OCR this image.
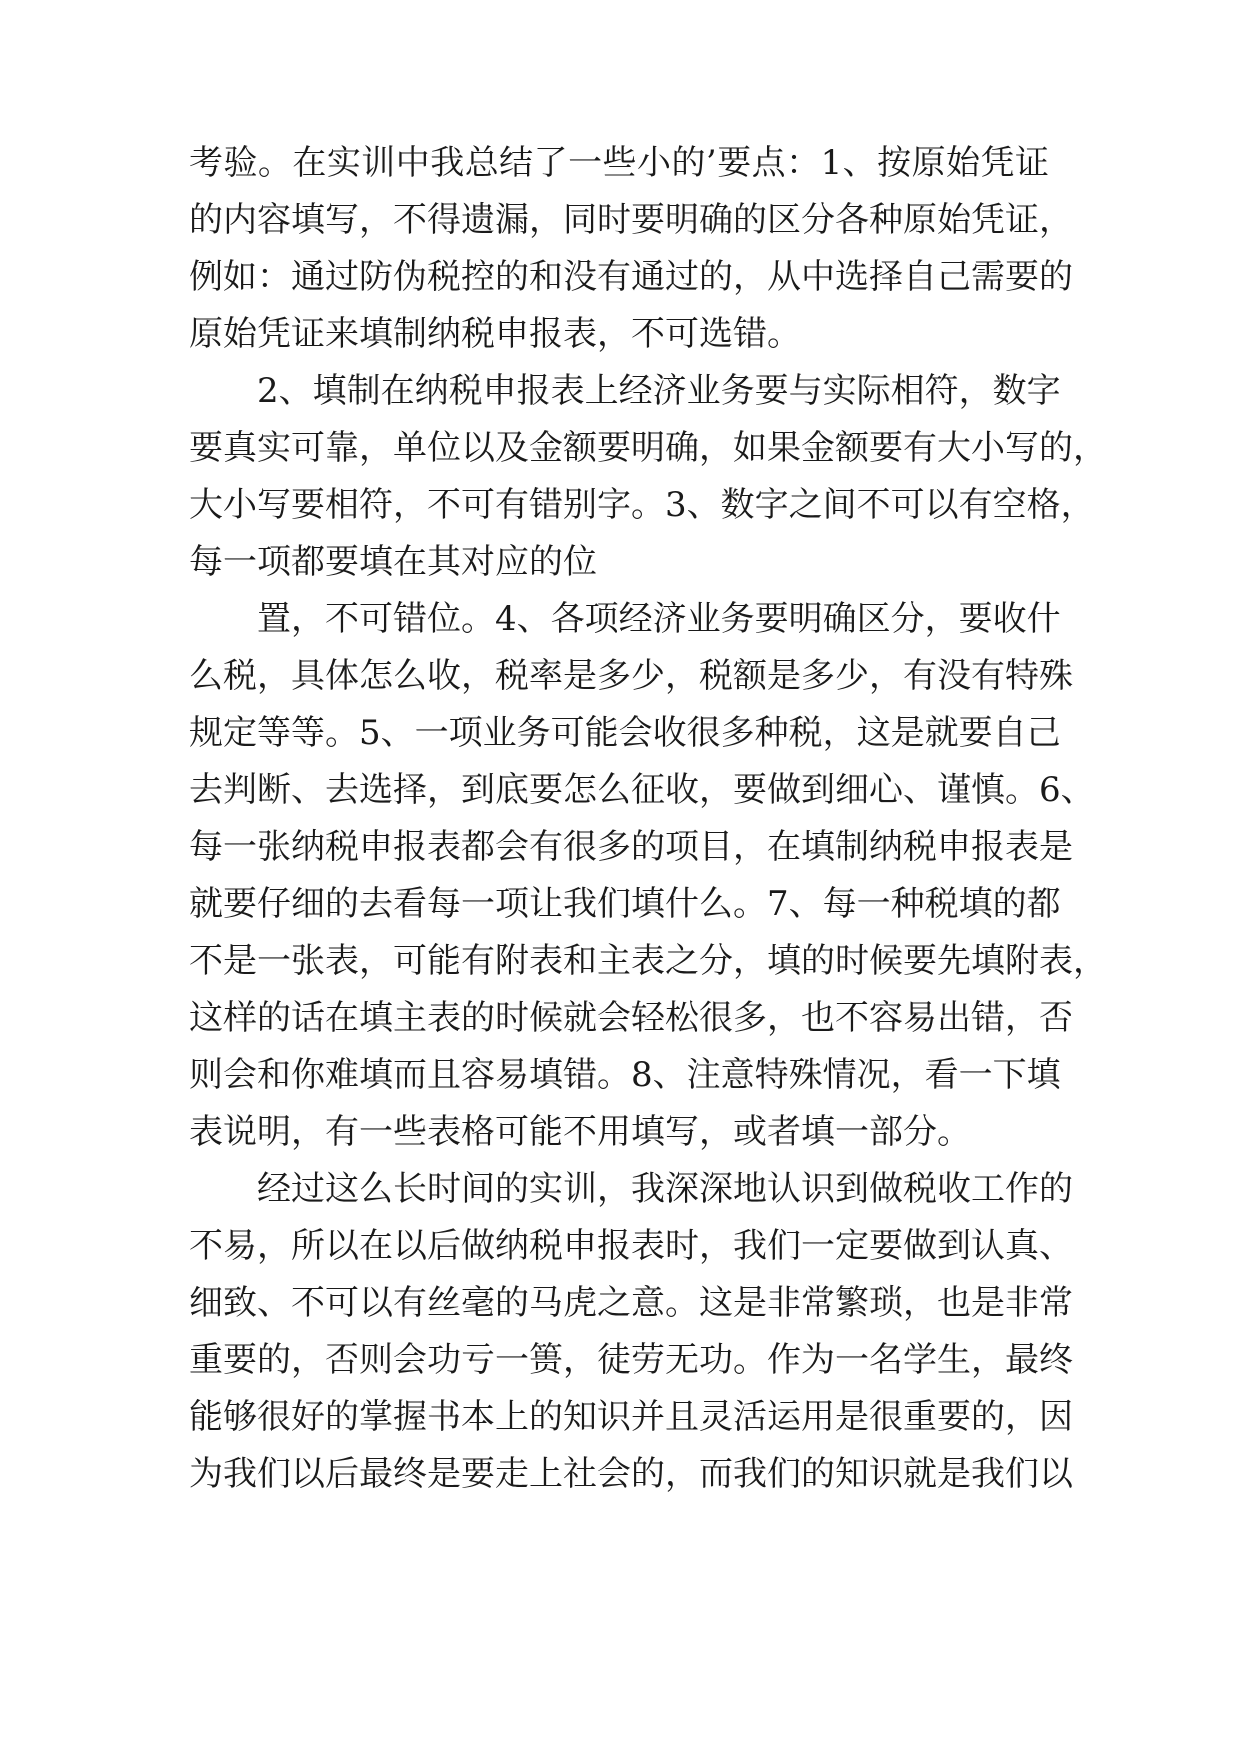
考验。在实训中我总结了一些小的’要点：1、按原始凭证

的内容填写，不得遗漏，同时要明确的区分各种原始凭证，

例如：通过防伪税控的和没有通过的，从中选择自己需要的

原始凭证来填制纳税申报表，不可选错。

2、填制在纳税申报表上经济业务要与实际相符，数字

要真实可靠，单位以及金额要明确，如果金额要有大小写的，

大小写要相符，不可有错别字。3、数字之间不可以有空格，

每一项都要填在其对应的位

置，不可错位。4、各项经济业务要明确区分，要收什

么税，具体怎么收，税率是多少，税额是多少，有没有特殊

规定等等。5、一项业务可能会收很多种税，这是就要自己

去判断、去选择，到底要怎么征收，要做到细心、谨慎。6、

每一张纳税申报表都会有很多的项目，在填制纳税申报表是

就要仔细的去看每一项让我们填什么。7、每一种税填的都

不是一张表，可能有附表和主表之分，填的时候要先填附表，

这样的话在填主表的时候就会轻松很多，也不容易出错，否

则会和你难填而且容易填错。8、注意特殊情况，看一下填

表说明，有一些表格可能不用填写，或者填一部分。

经过这么长时间的实训，我深深地认识到做税收工作的

不易，所以在以后做纳税申报表时，我们一定要做到认真、

细致、不可以有丝毫的马虎之意。这是非常繁琐，也是非常

重要的，否则会功亏一篑，徒劳无功。作为一名学生，最终

能够很好的掌握书本上的知识并且灵活运用是很重要的，因

为我们以后最终是要走上社会的，而我们的知识就是我们以
